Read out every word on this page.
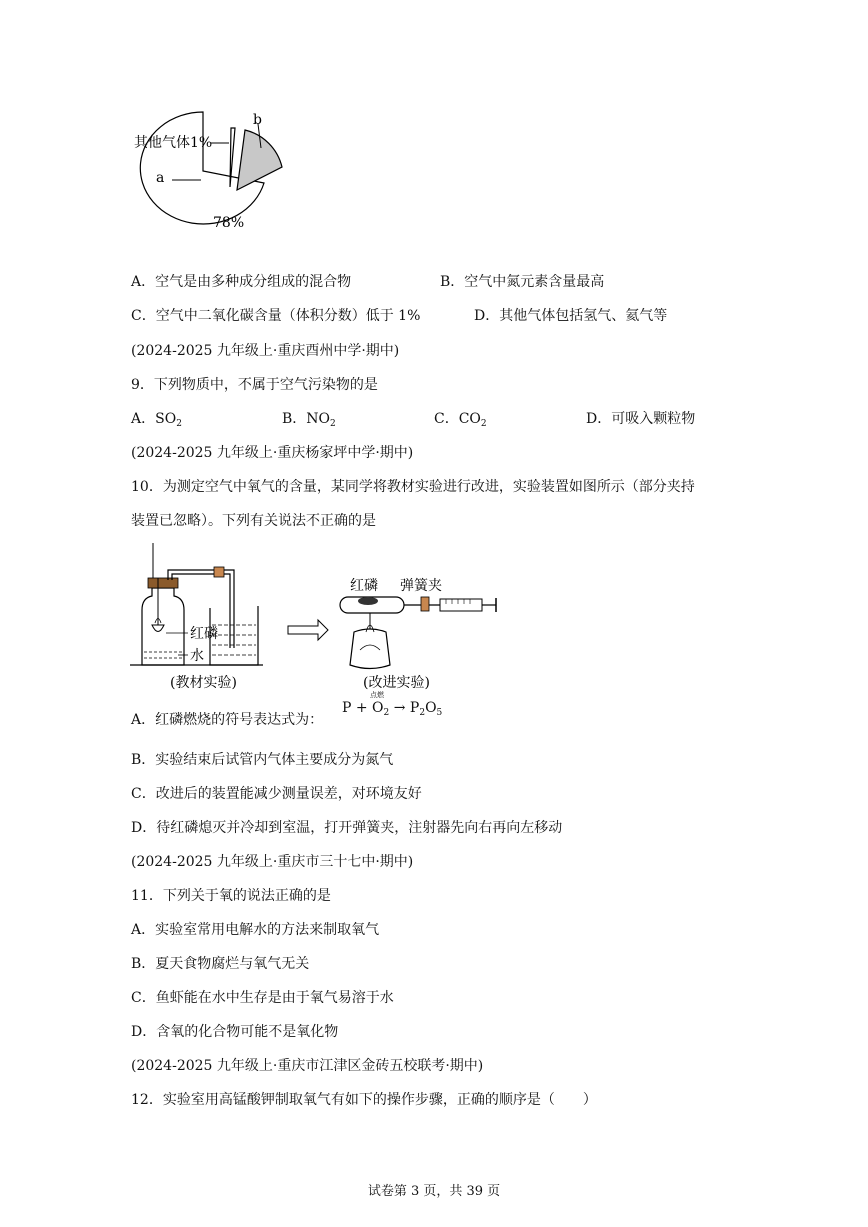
其他气体1%
a
b
78%
A．空气是由多种成分组成的混合物	B．空气中氮元素含量最高
C．空气中二氧化碳含量（体积分数）低于 1%	D．其他气体包括氢气、氦气等
(2024-2025 九年级上·重庆酉州中学·期中)
9．下列物质中，不属于空气污染物的是
A．$SO_2$	B．$NO_2$	C．$CO_2$	D．可吸入颗粒物
(2024-2025 九年级上·重庆杨家坪中学·期中)
10．为测定空气中氧气的含量，某同学将教材实验进行改进，实验装置如图所示（部分夹持
装置已忽略）。下列有关说法不正确的是
红磷
水
(教材实验)
红磷 弹簧夹
(改进实验)
A．红磷燃烧的符号表达式为：
点燃
$P + O_2 \to P_2O_5$
B．实验结束后试管内气体主要成分为氮气
C．改进后的装置能减少测量误差，对环境友好
D．待红磷熄灭并冷却到室温，打开弹簧夹，注射器先向右再向左移动
(2024-2025 九年级上·重庆市三十七中·期中)
11．下列关于氧的说法正确的是
A．实验室常用电解水的方法来制取氧气
B．夏天食物腐烂与氧气无关
C．鱼虾能在水中生存是由于氧气易溶于水
D．含氧的化合物可能不是氧化物
(2024-2025 九年级上·重庆市江津区金砖五校联考·期中)
12．实验室用高锰酸钾制取氧气有如下的操作步骤，正确的顺序是（　　）
试卷第 3 页，共 39 页
